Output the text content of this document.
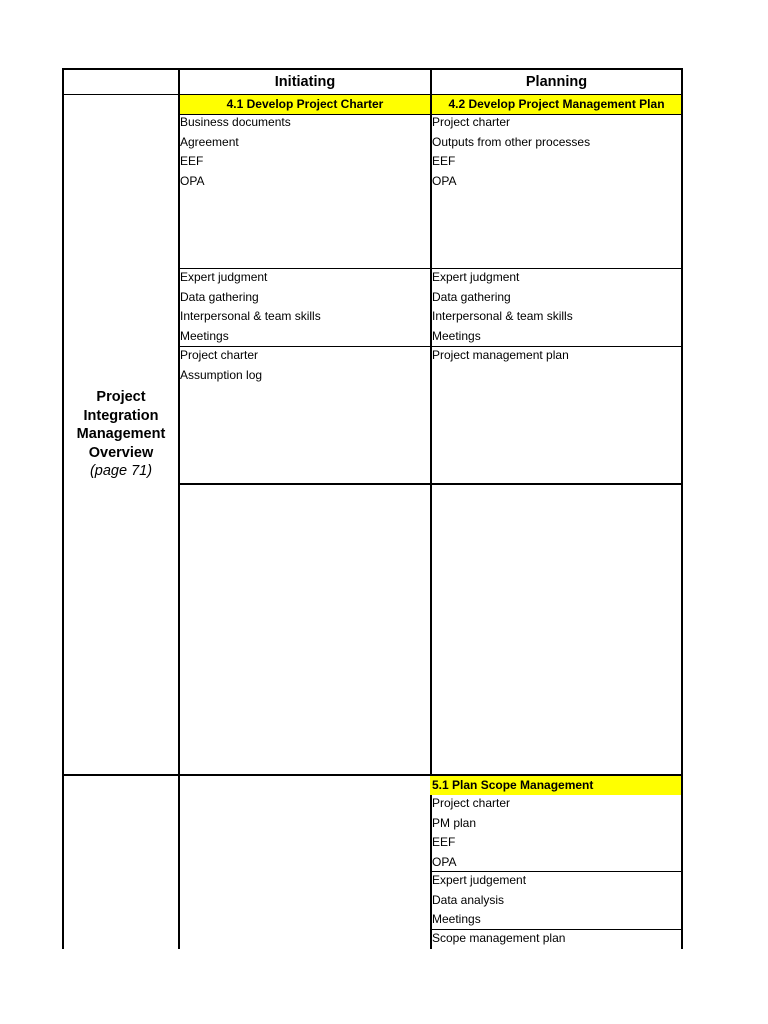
Initiating	Planning
Project
Integration
Management
Overview
(page 71)
4.1 Develop Project Charter
Business documents
Agreement
EEF
OPA
Expert judgment
Data gathering
Interpersonal & team skills
Meetings
Project charter
Assumption log
4.2 Develop Project Management Plan
Project charter
Outputs from other processes
EEF
OPA
Expert judgment
Data gathering
Interpersonal & team skills
Meetings
Project management plan
5.1 Plan Scope Management
Project charter
PM plan
EEF
OPA
Expert judgement
Data analysis
Meetings
Scope management plan
